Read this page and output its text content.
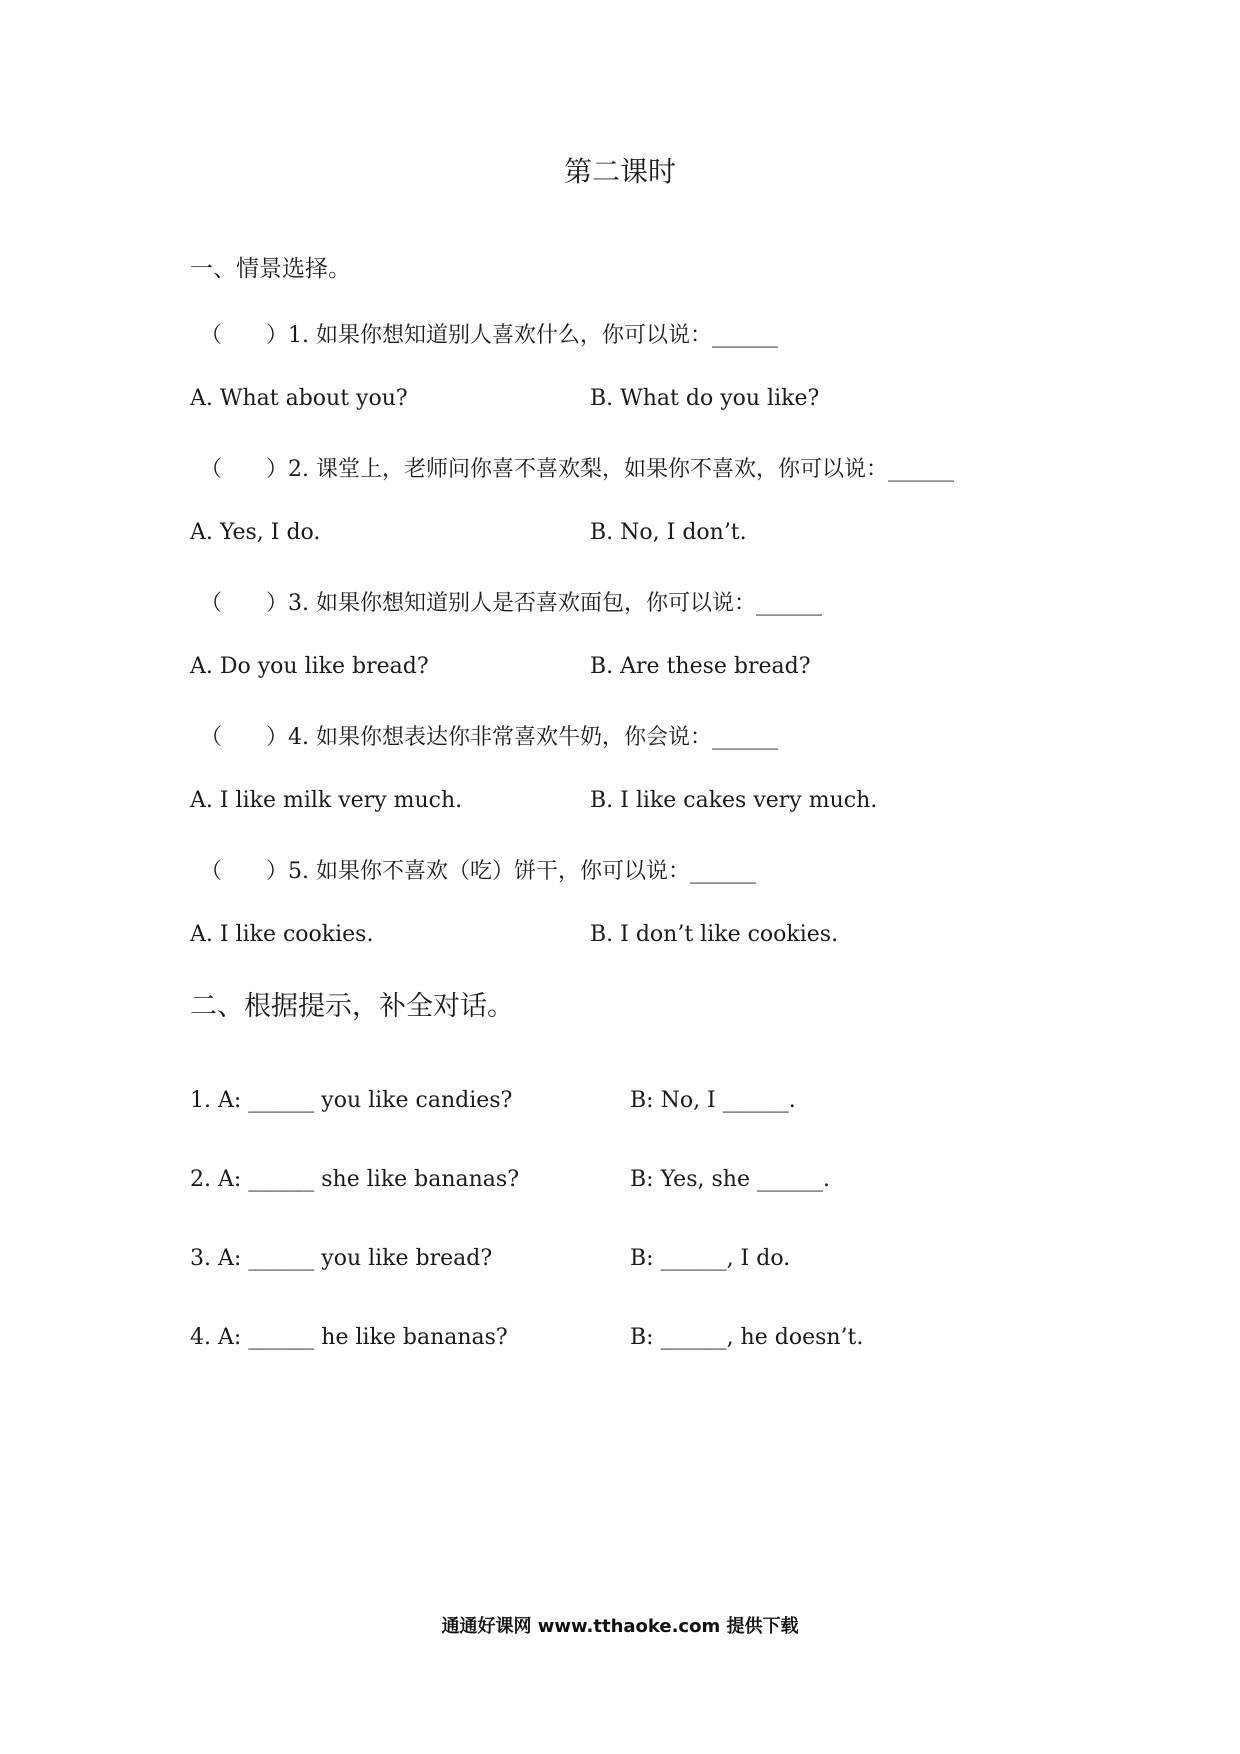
第二课时
一、情景选择。
（　　）1. 如果你想知道别人喜欢什么，你可以说：______
A. What about you?	B. What do you like?
（　　）2. 课堂上，老师问你喜不喜欢梨，如果你不喜欢，你可以说：______
A. Yes, I do.	B. No, I don’t.
（　　）3. 如果你想知道别人是否喜欢面包，你可以说：______
A. Do you like bread?	B. Are these bread?
（　　）4. 如果你想表达你非常喜欢牛奶，你会说：______
A. I like milk very much.	B. I like cakes very much.
（　　）5. 如果你不喜欢（吃）饼干，你可以说：______
A. I like cookies.	B. I don’t like cookies.
二、根据提示，补全对话。
1. A: ______ you like candies?	B: No, I ______.
2. A: ______ she like bananas?	B: Yes, she ______.
3. A: ______ you like bread?	B: ______, I do.
4. A: ______ he like bananas?	B: ______, he doesn’t.
通通好课网 www.tthaoke.com 提供下载
